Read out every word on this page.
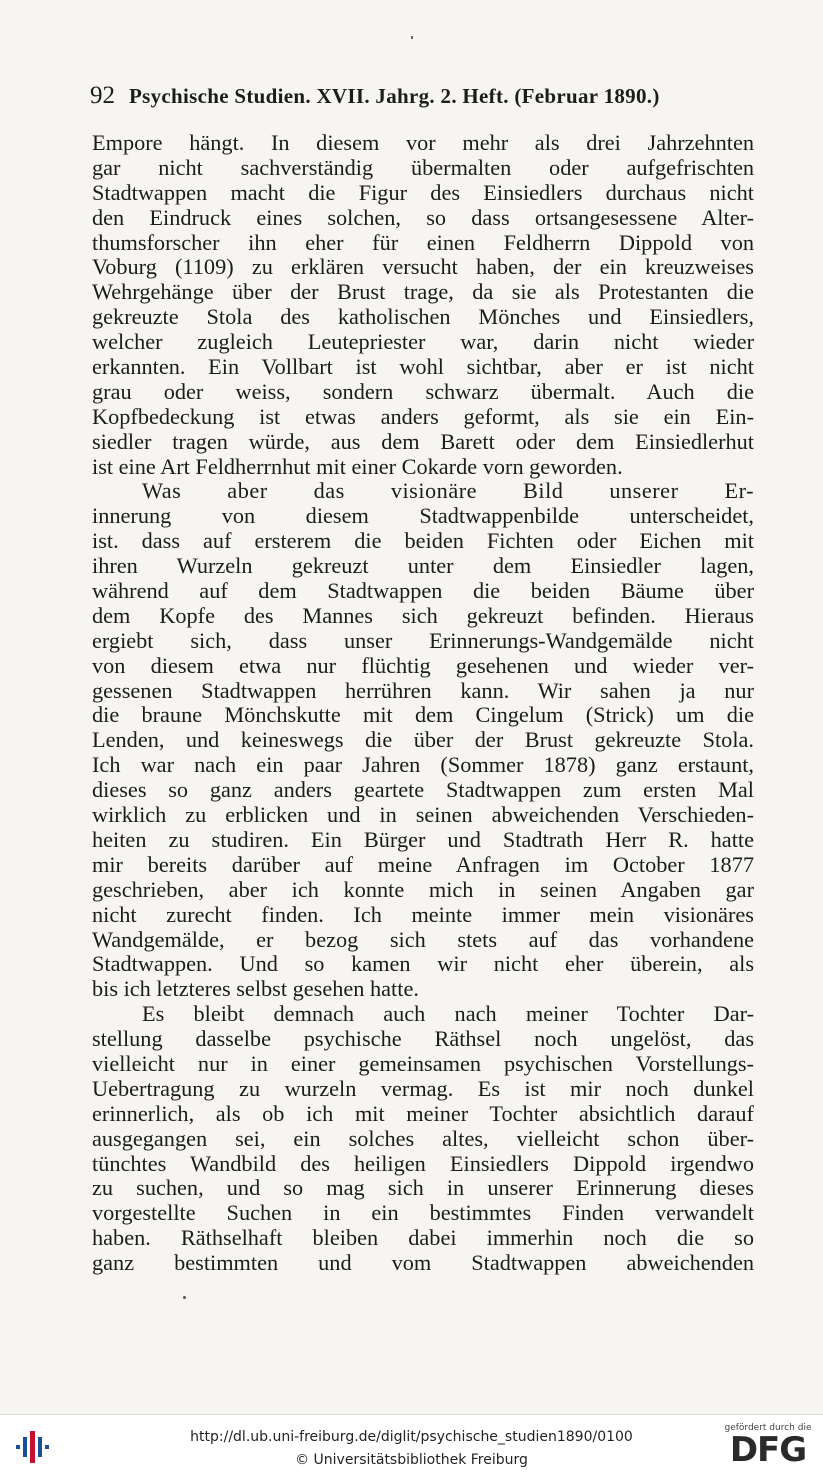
92 Psychische Studien. XVII. Jahrg. 2. Heft. (Februar 1890.)
Empore hängt. In diesem vor mehr als drei Jahrzehnten
gar nicht sachverständig übermalten oder aufgefrischten
Stadtwappen macht die Figur des Einsiedlers durchaus nicht
den Eindruck eines solchen, so dass ortsangesessene Alter-
thumsforscher ihn eher für einen Feldherrn Dippold von
Voburg (1109) zu erklären versucht haben, der ein kreuzweises
Wehrgehänge über der Brust trage, da sie als Protestanten die
gekreuzte Stola des katholischen Mönches und Einsiedlers,
welcher zugleich Leutepriester war, darin nicht wieder
erkannten. Ein Vollbart ist wohl sichtbar, aber er ist nicht
grau oder weiss, sondern schwarz übermalt. Auch die
Kopfbedeckung ist etwas anders geformt, als sie ein Ein-
siedler tragen würde, aus dem Barett oder dem Einsiedlerhut
ist eine Art Feldherrnhut mit einer Cokarde vorn geworden.
Was aber das visionäre Bild unserer Er-
innerung von diesem Stadtwappenbilde unterscheidet,
ist. dass auf ersterem die beiden Fichten oder Eichen mit
ihren Wurzeln gekreuzt unter dem Einsiedler lagen,
während auf dem Stadtwappen die beiden Bäume über
dem Kopfe des Mannes sich gekreuzt befinden. Hieraus
ergiebt sich, dass unser Erinnerungs-Wandgemälde nicht
von diesem etwa nur flüchtig gesehenen und wieder ver-
gessenen Stadtwappen herrühren kann. Wir sahen ja nur
die braune Mönchskutte mit dem Cingelum (Strick) um die
Lenden, und keineswegs die über der Brust gekreuzte Stola.
Ich war nach ein paar Jahren (Sommer 1878) ganz erstaunt,
dieses so ganz anders geartete Stadtwappen zum ersten Mal
wirklich zu erblicken und in seinen abweichenden Verschieden-
heiten zu studiren. Ein Bürger und Stadtrath Herr R. hatte
mir bereits darüber auf meine Anfragen im October 1877
geschrieben, aber ich konnte mich in seinen Angaben gar
nicht zurecht finden. Ich meinte immer mein visionäres
Wandgemälde, er bezog sich stets auf das vorhandene
Stadtwappen. Und so kamen wir nicht eher überein, als
bis ich letzteres selbst gesehen hatte.
Es bleibt demnach auch nach meiner Tochter Dar-
stellung dasselbe psychische Räthsel noch ungelöst, das
vielleicht nur in einer gemeinsamen psychischen Vorstellungs-
Uebertragung zu wurzeln vermag. Es ist mir noch dunkel
erinnerlich, als ob ich mit meiner Tochter absichtlich darauf
ausgegangen sei, ein solches altes, vielleicht schon über-
tünchtes Wandbild des heiligen Einsiedlers Dippold irgendwo
zu suchen, und so mag sich in unserer Erinnerung dieses
vorgestellte Suchen in ein bestimmtes Finden verwandelt
haben. Räthselhaft bleiben dabei immerhin noch die so
ganz bestimmten und vom Stadtwappen abweichenden
http://dl.ub.uni-freiburg.de/diglit/psychische_studien1890/0100
© Universitätsbibliothek Freiburg
gefördert durch die
DFG
